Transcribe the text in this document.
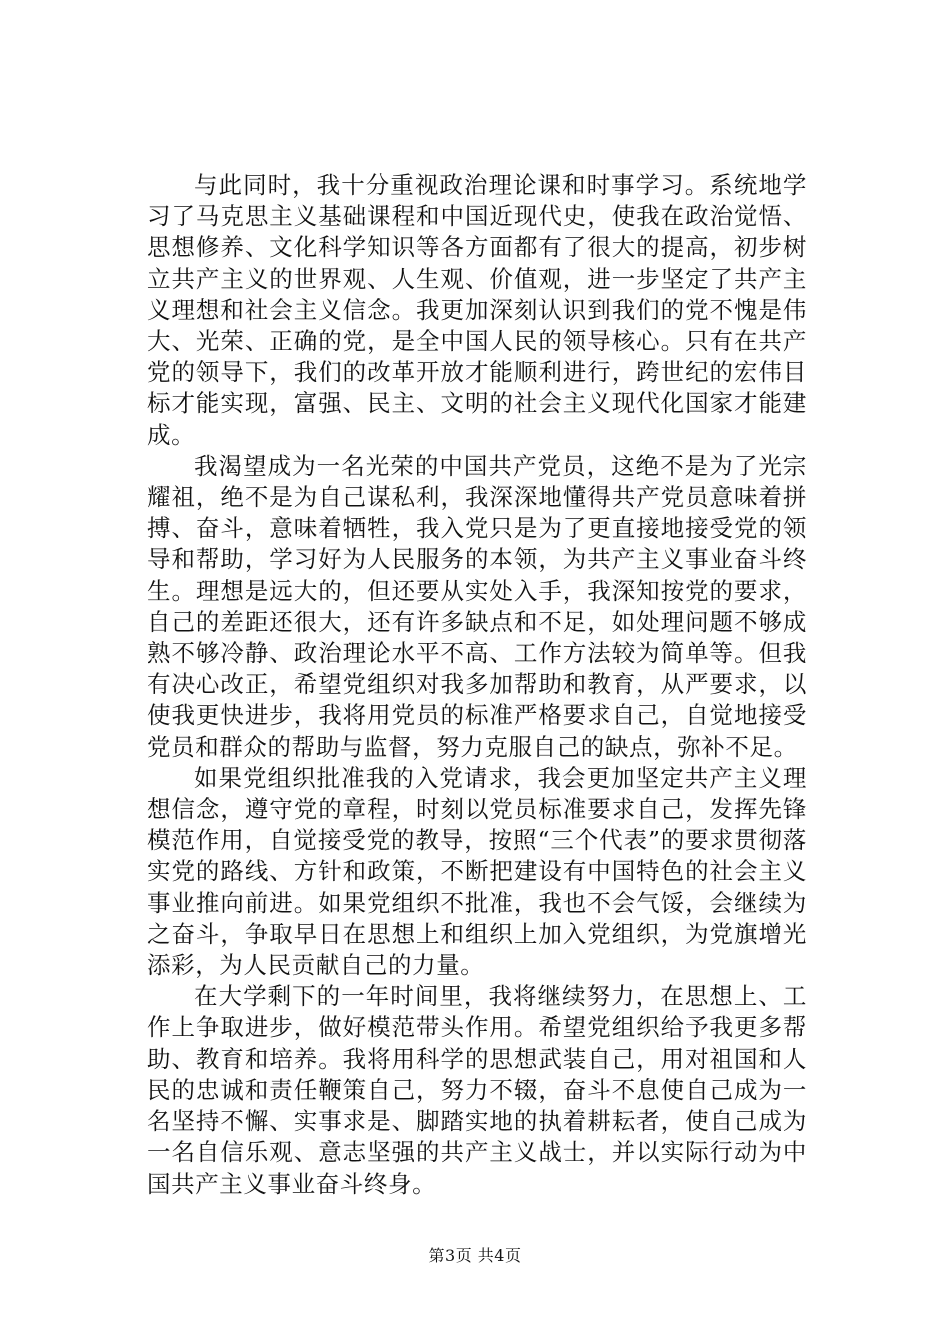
与此同时，我十分重视政治理论课和时事学习。系统地学习了马克思主义基础课程和中国近现代史，使我在政治觉悟、思想修养、文化科学知识等各方面都有了很大的提高，初步树立共产主义的世界观、人生观、价值观，进一步坚定了共产主义理想和社会主义信念。我更加深刻认识到我们的党不愧是伟大、光荣、正确的党，是全中国人民的领导核心。只有在共产党的领导下，我们的改革开放才能顺利进行，跨世纪的宏伟目标才能实现，富强、民主、文明的社会主义现代化国家才能建成。

我渴望成为一名光荣的中国共产党员，这绝不是为了光宗耀祖，绝不是为自己谋私利，我深深地懂得共产党员意味着拼搏、奋斗，意味着牺牲，我入党只是为了更直接地接受党的领导和帮助，学习好为人民服务的本领，为共产主义事业奋斗终生。理想是远大的，但还要从实处入手，我深知按党的要求，自己的差距还很大，还有许多缺点和不足，如处理问题不够成熟不够冷静、政治理论水平不高、工作方法较为简单等。但我有决心改正，希望党组织对我多加帮助和教育，从严要求，以使我更快进步，我将用党员的标准严格要求自己，自觉地接受党员和群众的帮助与监督，努力克服自己的缺点，弥补不足。

如果党组织批准我的入党请求，我会更加坚定共产主义理想信念，遵守党的章程，时刻以党员标准要求自己，发挥先锋模范作用，自觉接受党的教导，按照“三个代表”的要求贯彻落实党的路线、方针和政策，不断把建设有中国特色的社会主义事业推向前进。如果党组织不批准，我也不会气馁，会继续为之奋斗，争取早日在思想上和组织上加入党组织，为党旗增光添彩，为人民贡献自己的力量。

在大学剩下的一年时间里，我将继续努力，在思想上、工作上争取进步，做好模范带头作用。希望党组织给予我更多帮助、教育和培养。我将用科学的思想武装自己，用对祖国和人民的忠诚和责任鞭策自己，努力不辍，奋斗不息使自己成为一名坚持不懈、实事求是、脚踏实地的执着耕耘者，使自己成为一名自信乐观、意志坚强的共产主义战士，并以实际行动为中国共产主义事业奋斗终身。

第3页 共4页
